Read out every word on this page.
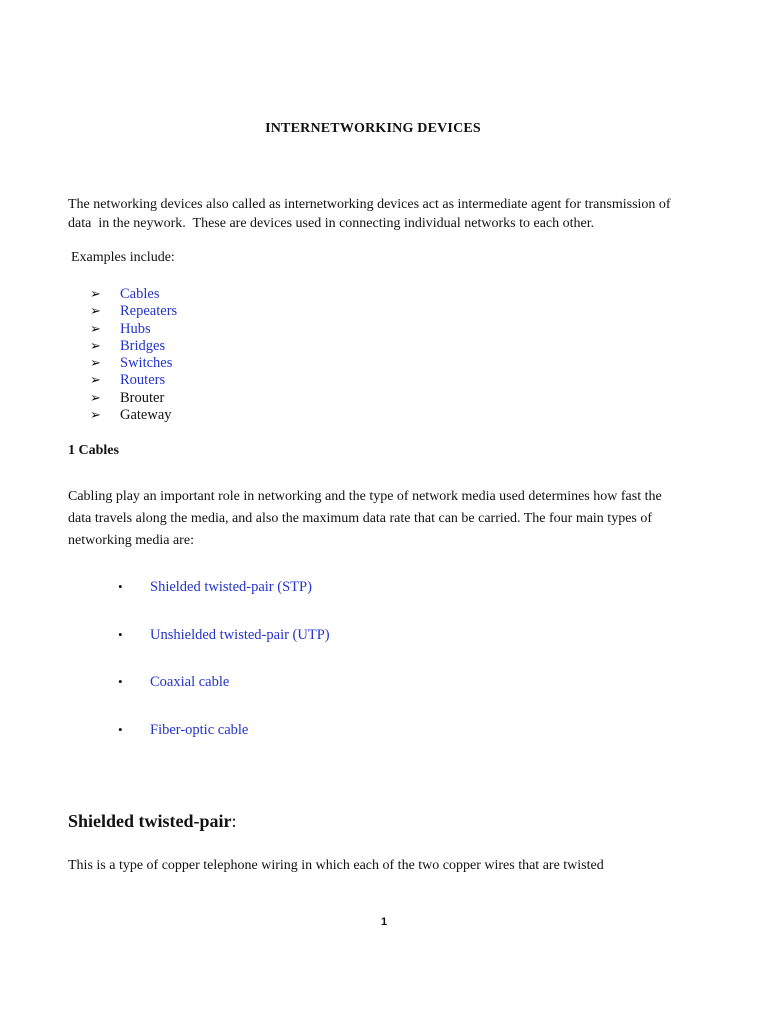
INTERNETWORKING DEVICES
The networking devices also called as internetworking devices act as intermediate agent for transmission of
data  in the neywork.  These are devices used in connecting individual networks to each other.
Examples include:
➢ Cables
➢ Repeaters
➢ Hubs
➢ Bridges
➢ Switches
➢ Routers
➢ Brouter
➢ Gateway
1 Cables
Cabling play an important role in networking and the type of network media used determines how fast the
data travels along the media, and also the maximum data rate that can be carried. The four main types of
networking media are:
• Shielded twisted-pair (STP)
• Unshielded twisted-pair (UTP)
• Coaxial cable
• Fiber-optic cable
Shielded twisted-pair:
This is a type of copper telephone wiring in which each of the two copper wires that are twisted
1
